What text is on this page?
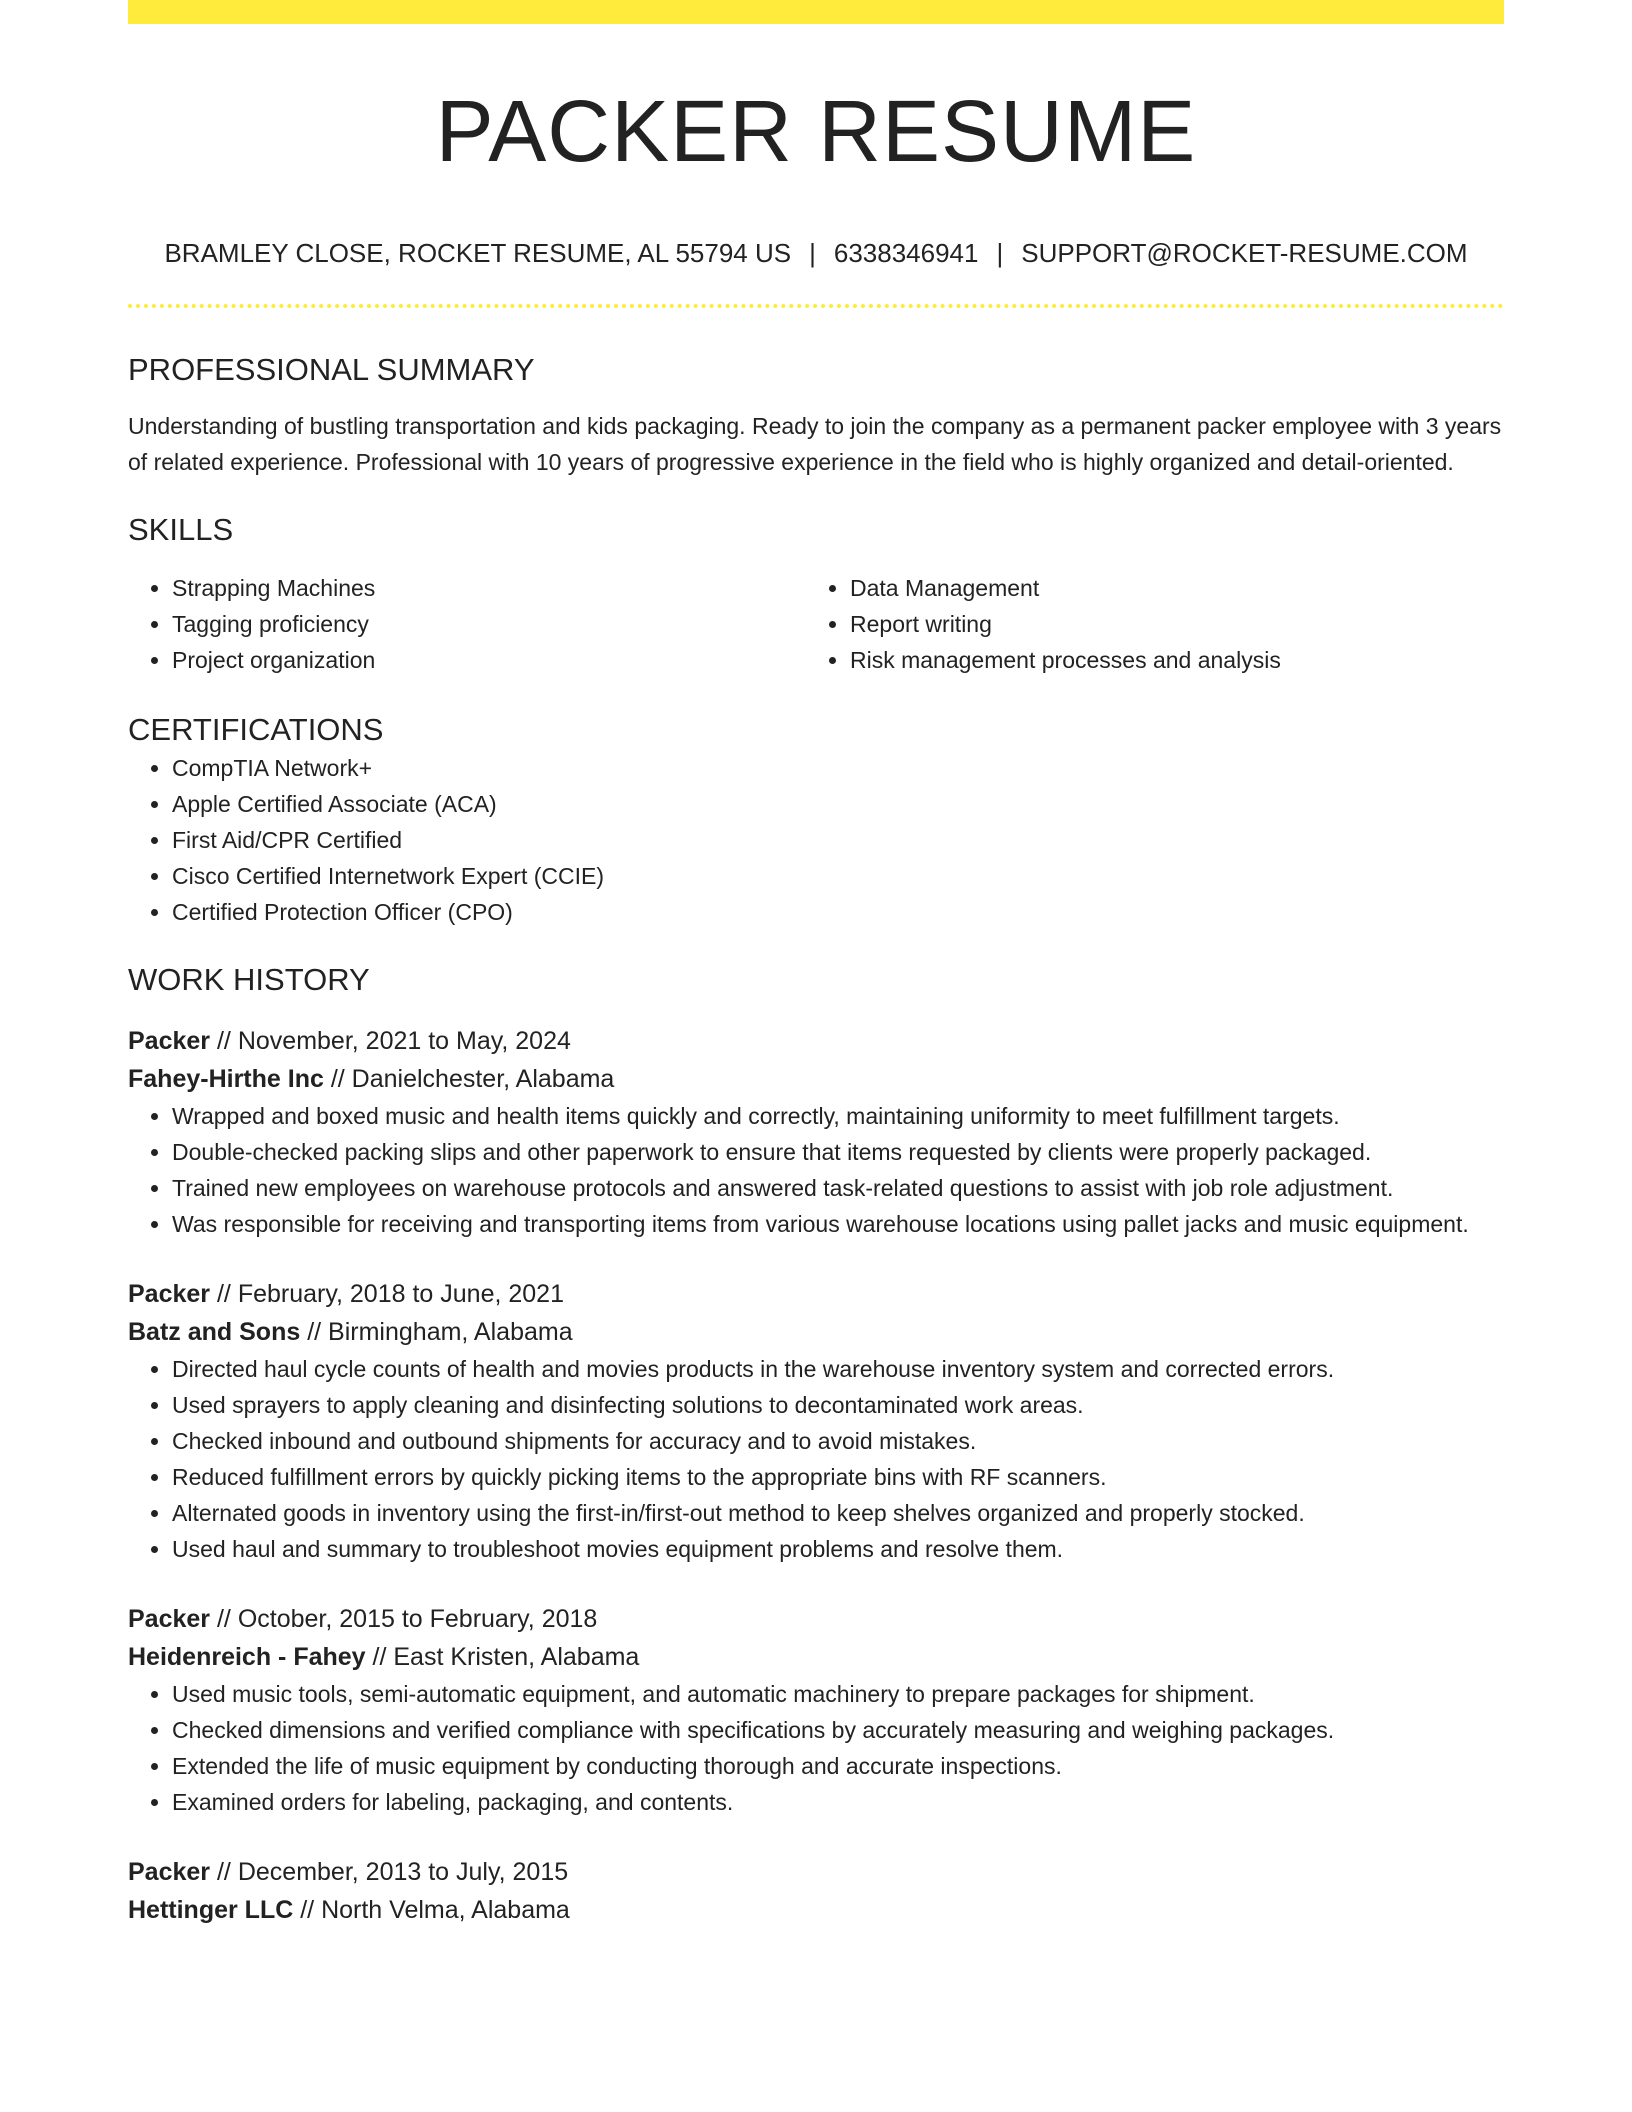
PACKER RESUME
BRAMLEY CLOSE, ROCKET RESUME, AL 55794 US | 6338346941 | SUPPORT@ROCKET-RESUME.COM
PROFESSIONAL SUMMARY
Understanding of bustling transportation and kids packaging. Ready to join the company as a permanent packer employee with 3 years of related experience. Professional with 10 years of progressive experience in the field who is highly organized and detail-oriented.
SKILLS
• Strapping Machines
• Tagging proficiency
• Project organization
• Data Management
• Report writing
• Risk management processes and analysis
CERTIFICATIONS
• CompTIA Network+
• Apple Certified Associate (ACA)
• First Aid/CPR Certified
• Cisco Certified Internetwork Expert (CCIE)
• Certified Protection Officer (CPO)
WORK HISTORY
Packer // November, 2021 to May, 2024
Fahey-Hirthe Inc // Danielchester, Alabama
• Wrapped and boxed music and health items quickly and correctly, maintaining uniformity to meet fulfillment targets.
• Double-checked packing slips and other paperwork to ensure that items requested by clients were properly packaged.
• Trained new employees on warehouse protocols and answered task-related questions to assist with job role adjustment.
• Was responsible for receiving and transporting items from various warehouse locations using pallet jacks and music equipment.
Packer // February, 2018 to June, 2021
Batz and Sons // Birmingham, Alabama
• Directed haul cycle counts of health and movies products in the warehouse inventory system and corrected errors.
• Used sprayers to apply cleaning and disinfecting solutions to decontaminated work areas.
• Checked inbound and outbound shipments for accuracy and to avoid mistakes.
• Reduced fulfillment errors by quickly picking items to the appropriate bins with RF scanners.
• Alternated goods in inventory using the first-in/first-out method to keep shelves organized and properly stocked.
• Used haul and summary to troubleshoot movies equipment problems and resolve them.
Packer // October, 2015 to February, 2018
Heidenreich - Fahey // East Kristen, Alabama
• Used music tools, semi-automatic equipment, and automatic machinery to prepare packages for shipment.
• Checked dimensions and verified compliance with specifications by accurately measuring and weighing packages.
• Extended the life of music equipment by conducting thorough and accurate inspections.
• Examined orders for labeling, packaging, and contents.
Packer // December, 2013 to July, 2015
Hettinger LLC // North Velma, Alabama
